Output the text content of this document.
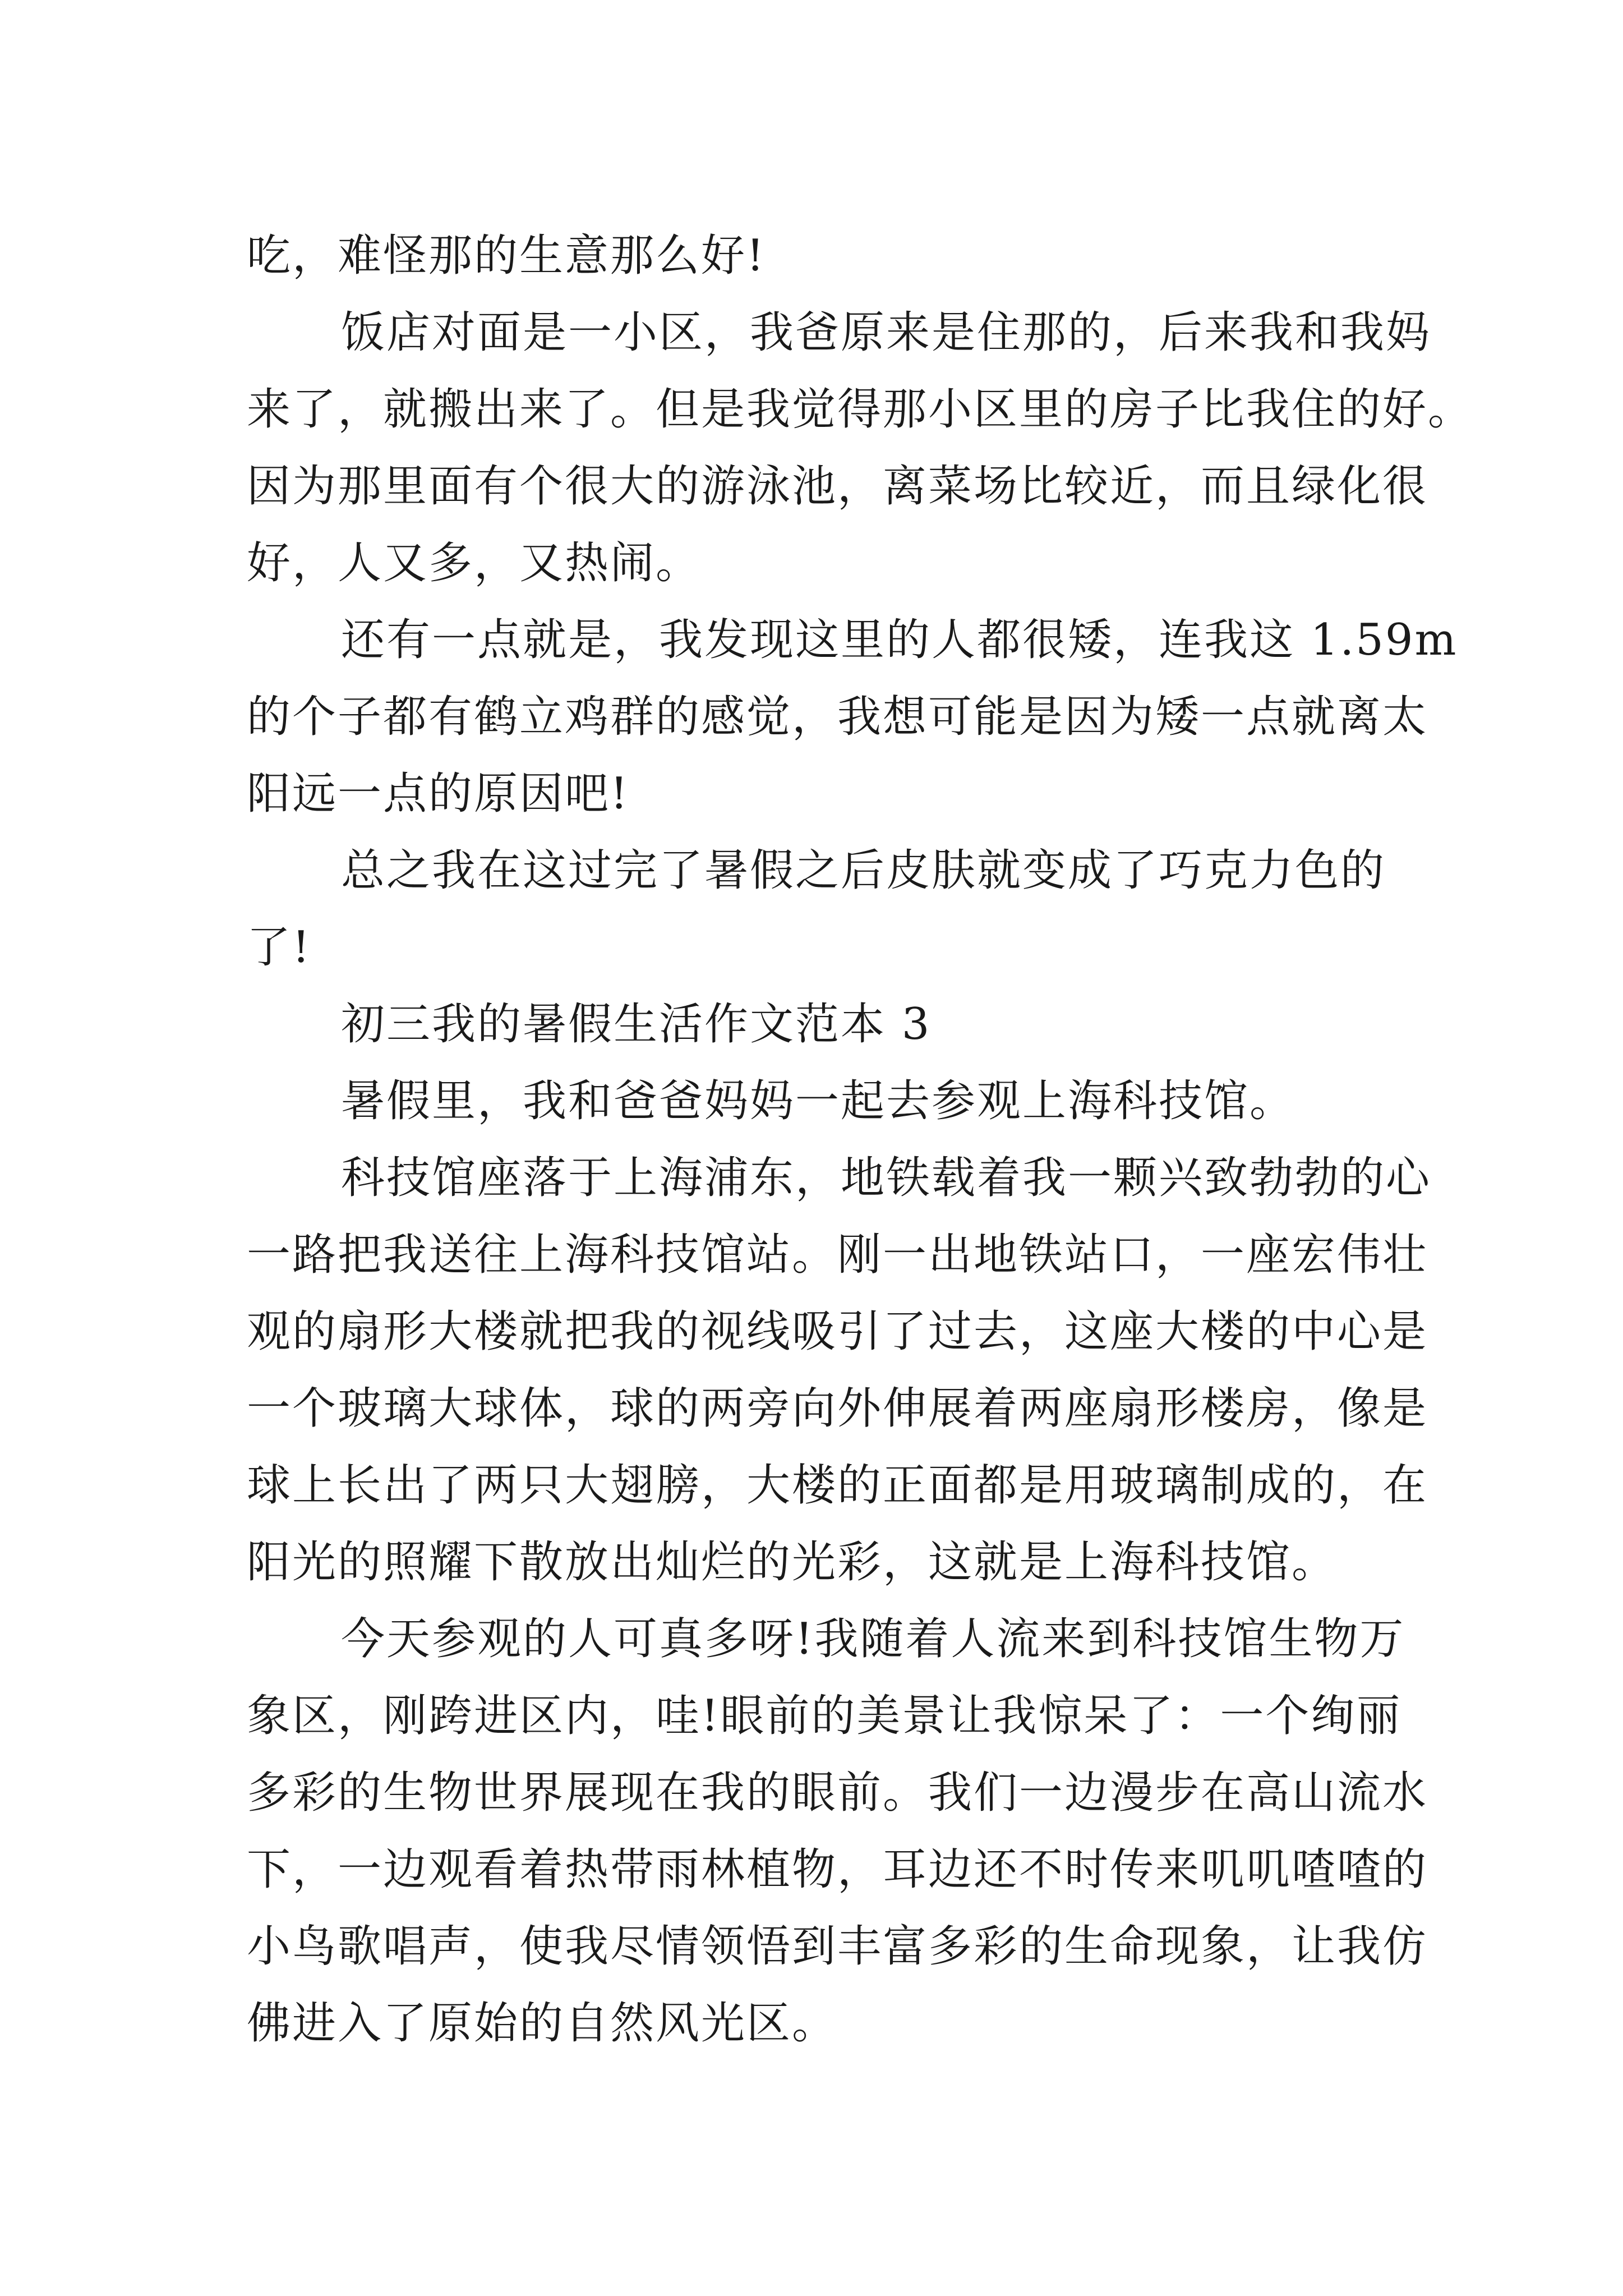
吃，难怪那的生意那么好!
饭店对面是一小区，我爸原来是住那的，后来我和我妈
来了，就搬出来了。但是我觉得那小区里的房子比我住的好。
因为那里面有个很大的游泳池，离菜场比较近，而且绿化很
好，人又多，又热闹。
还有一点就是，我发现这里的人都很矮，连我这 1.59m
的个子都有鹤立鸡群的感觉，我想可能是因为矮一点就离太
阳远一点的原因吧!
总之我在这过完了暑假之后皮肤就变成了巧克力色的
了!
初三我的暑假生活作文范本 3
暑假里，我和爸爸妈妈一起去参观上海科技馆。
科技馆座落于上海浦东，地铁载着我一颗兴致勃勃的心
一路把我送往上海科技馆站。刚一出地铁站口，一座宏伟壮
观的扇形大楼就把我的视线吸引了过去，这座大楼的中心是
一个玻璃大球体，球的两旁向外伸展着两座扇形楼房，像是
球上长出了两只大翅膀，大楼的正面都是用玻璃制成的，在
阳光的照耀下散放出灿烂的光彩，这就是上海科技馆。
今天参观的人可真多呀!我随着人流来到科技馆生物万
象区，刚跨进区内，哇!眼前的美景让我惊呆了：一个绚丽
多彩的生物世界展现在我的眼前。我们一边漫步在高山流水
下，一边观看着热带雨林植物，耳边还不时传来叽叽喳喳的
小鸟歌唱声，使我尽情领悟到丰富多彩的生命现象，让我仿
佛进入了原始的自然风光区。
